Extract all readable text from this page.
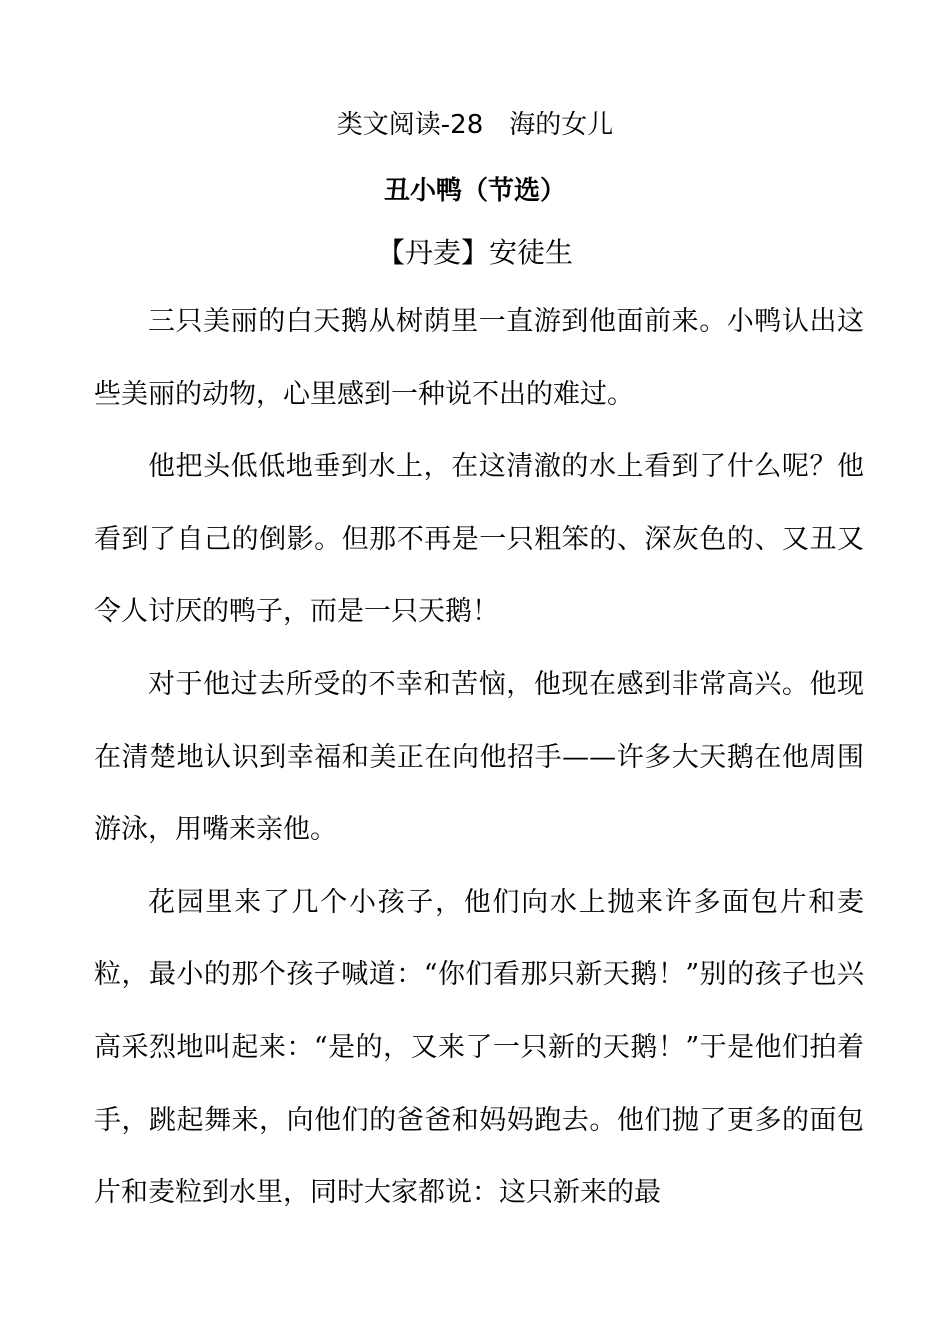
类文阅读-28　海的女儿
丑小鸭（节选）
【丹麦】安徒生

三只美丽的白天鹅从树荫里一直游到他面前来。小鸭认出这些美丽的动物，心里感到一种说不出的难过。

他把头低低地垂到水上，在这清澈的水上看到了什么呢？他看到了自己的倒影。但那不再是一只粗笨的、深灰色的、又丑又令人讨厌的鸭子，而是一只天鹅！

对于他过去所受的不幸和苦恼，他现在感到非常高兴。他现在清楚地认识到幸福和美正在向他招手——许多大天鹅在他周围游泳，用嘴来亲他。

花园里来了几个小孩子，他们向水上抛来许多面包片和麦粒，最小的那个孩子喊道：“你们看那只新天鹅！”别的孩子也兴高采烈地叫起来：“是的，又来了一只新的天鹅！”于是他们拍着手，跳起舞来，向他们的爸爸和妈妈跑去。他们抛了更多的面包片和麦粒到水里，同时大家都说：这只新来的最
